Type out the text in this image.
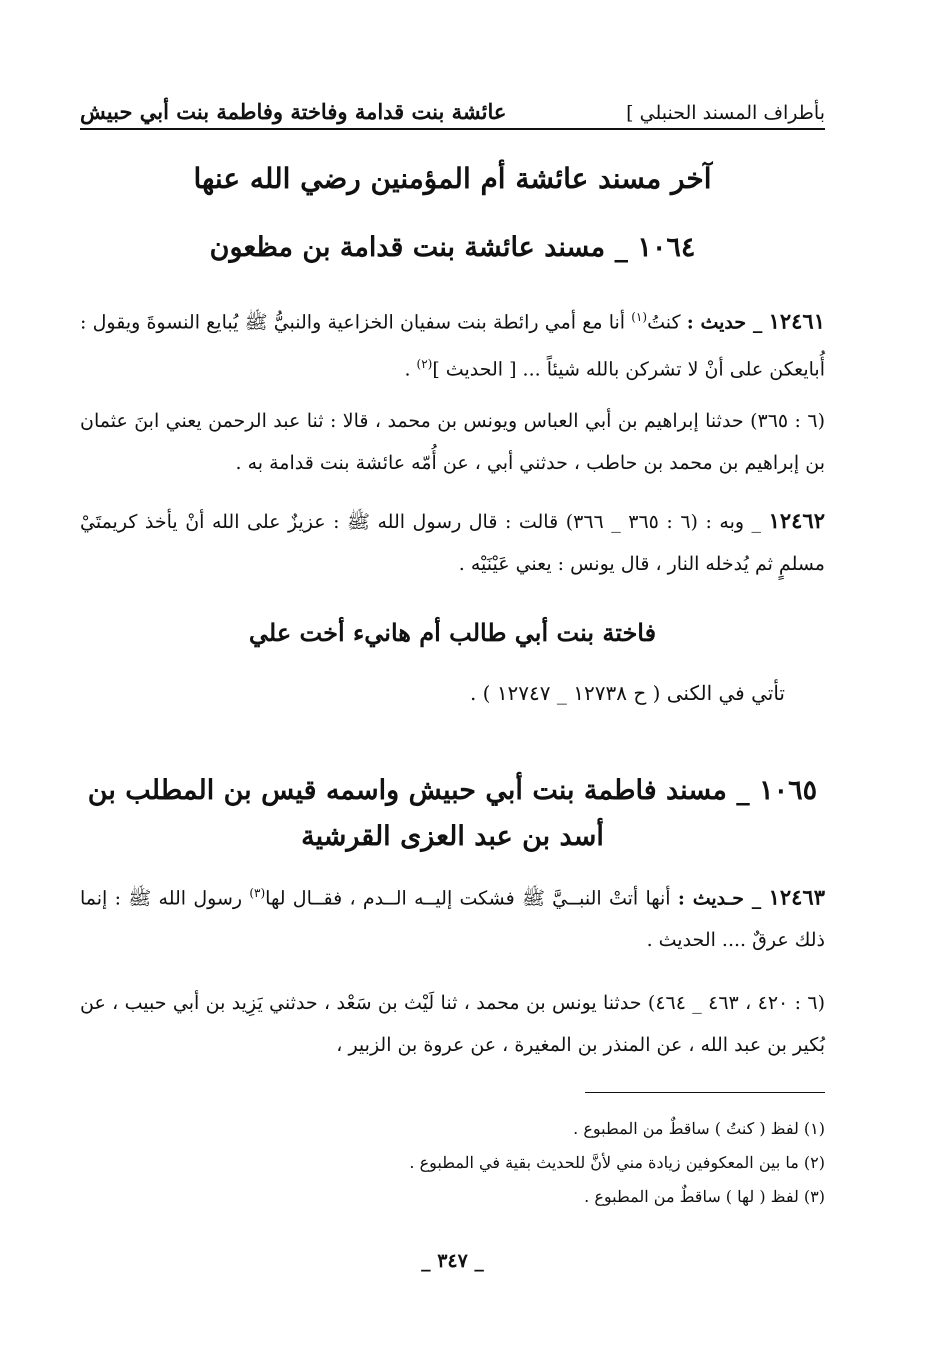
بأطراف المسند الحنبلي ]
عائشة بنت قدامة وفاختة وفاطمة بنت أبي حبيش
آخر مسند عائشة أم المؤمنين رضي الله عنها
١٠٦٤ _ مسند عائشة بنت قدامة بن مظعون
١٢٤٦١ _ حديث : كنتُ$^{(١)}$ أنا مع أمي رائطة بنت سفيان الخزاعية والنبيُّ ﷺ يُبايع النسوةَ ويقول : أُبايعكن على أنْ لا تشركن بالله شيئاً ... [ الحديث ]$^{(٢)}$ .
(٦ : ٣٦٥) حدثنا إبراهيم بن أبي العباس ويونس بن محمد ، قالا : ثنا عبد الرحمن يعني ابنَ عثمان بن إبراهيم بن محمد بن حاطب ، حدثني أبي ، عن أُمّه عائشة بنت قدامة به .
١٢٤٦٢ _ وبه : (٦ : ٣٦٥ _ ٣٦٦) قالت : قال رسول الله ﷺ : عزيزٌ على الله أنْ يأخذ كريمتَيْ مسلمٍ ثم يُدخله النار ، قال يونس : يعني عَيْنَيْه .
فاختة بنت أبي طالب أم هانيء أخت علي
تأتي في الكنى ( ح ١٢٧٣٨ _ ١٢٧٤٧ ) .
١٠٦٥ _ مسند فاطمة بنت أبي حبيش واسمه قيس بن المطلب بن أسد بن عبد العزى القرشية
١٢٤٦٣ _ حـديث : أنها أتتْ النبــيَّ ﷺ فشكت إليــه الــدم ، فقــال لها$^{(٣)}$ رسول الله ﷺ : إنما ذلك عرقٌ .... الحديث .
(٦ : ٤٢٠ ، ٤٦٣ _ ٤٦٤) حدثنا يونس بن محمد ، ثنا لَيْث بن سَعْد ، حدثني يَزِيد بن أبي حبيب ، عن بُكير بن عبد الله ، عن المنذر بن المغيرة ، عن عروة بن الزبير ،
(١) لفظ ( كنتُ ) ساقطٌ من المطبوع .
(٢) ما بين المعكوفين زيادة مني لأنَّ للحديث بقية في المطبوع .
(٣) لفظ ( لها ) ساقطٌ من المطبوع .
_ ٣٤٧ _
